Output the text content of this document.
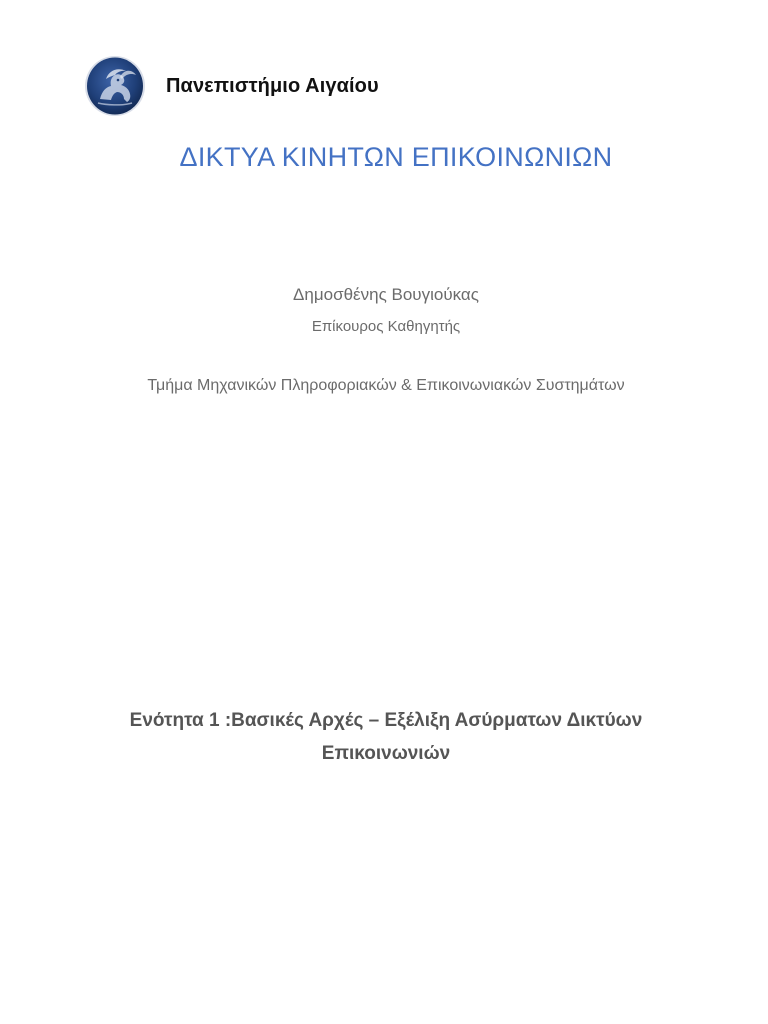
Πανεπιστήμιο Αιγαίου
ΔΙΚΤΥΑ ΚΙΝΗΤΩΝ ΕΠΙΚΟΙΝΩΝΙΩΝ
Δημοσθένης Βουγιούκας
Επίκουρος Καθηγητής
Τμήμα Μηχανικών Πληροφοριακών & Επικοινωνιακών Συστημάτων
Ενότητα 1 :Βασικές Αρχές – Εξέλιξη Ασύρματων Δικτύων
Επικοινωνιών
